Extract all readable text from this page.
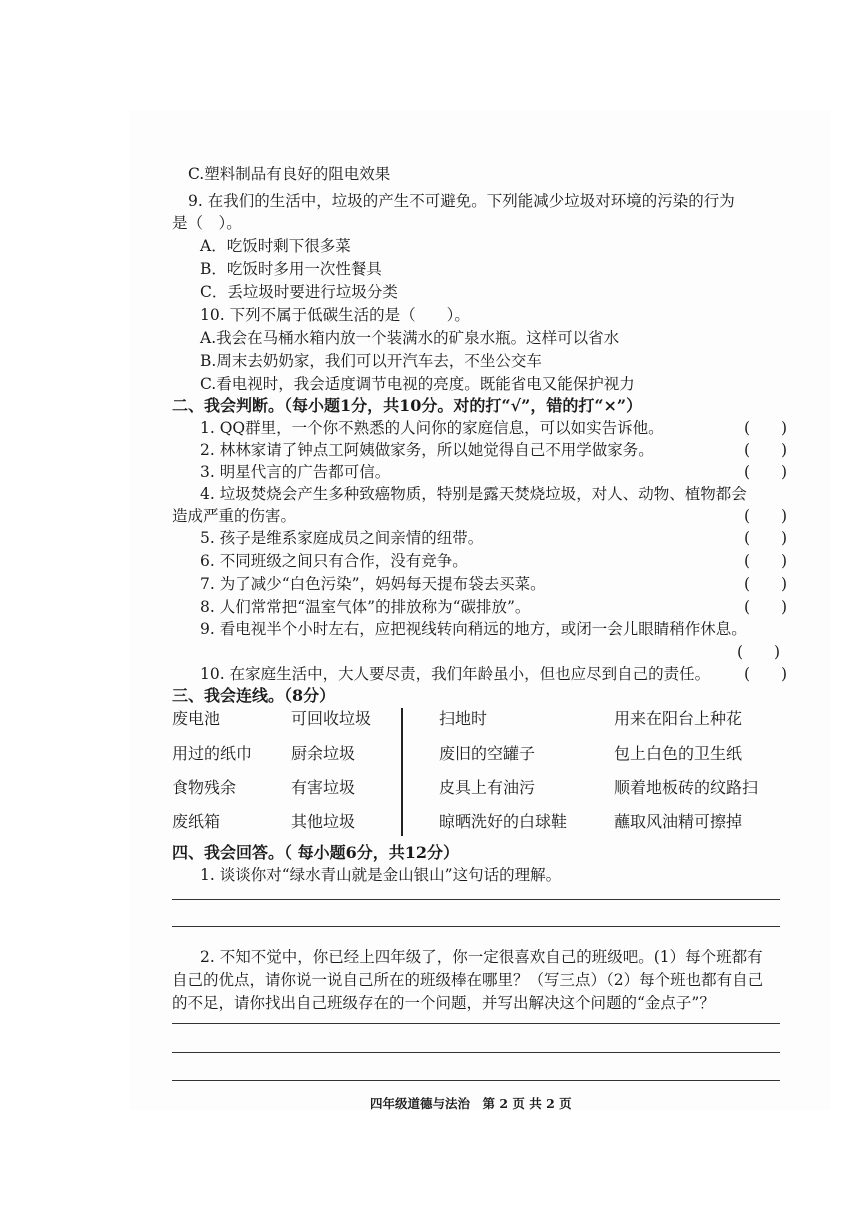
C.塑料制品有良好的阻电效果
9. 在我们的生活中，垃圾的产生不可避免。下列能减少垃圾对环境的污染的行为
是（　）。
A．吃饭时剩下很多菜
B．吃饭时多用一次性餐具
C．丢垃圾时要进行垃圾分类
10. 下列不属于低碳生活的是（　　）。
A.我会在马桶水箱内放一个装满水的矿泉水瓶。这样可以省水
B.周末去奶奶家，我们可以开汽车去，不坐公交车
C.看电视时，我会适度调节电视的亮度。既能省电又能保护视力
二、我会判断。（每小题1分，共10分。对的打“√”，错的打“×”）
1. QQ群里，一个你不熟悉的人问你的家庭信息，可以如实告诉他。
2. 林林家请了钟点工阿姨做家务，所以她觉得自己不用学做家务。
3. 明星代言的广告都可信。
4. 垃圾焚烧会产生多种致癌物质，特别是露天焚烧垃圾，对人、动物、植物都会
造成严重的伤害。
5. 孩子是维系家庭成员之间亲情的纽带。
6. 不同班级之间只有合作，没有竞争。
7. 为了减少“白色污染”，妈妈每天提布袋去买菜。
8. 人们常常把“温室气体”的排放称为“碳排放”。
9. 看电视半个小时左右，应把视线转向稍远的地方，或闭一会儿眼睛稍作休息。
10. 在家庭生活中，大人要尽责，我们年龄虽小，但也应尽到自己的责任。
(　　)
(　　)
(　　)
(　　)
(　　)
(　　)
(　　)
(　　)
(　　)
(　　)
三、我会连线。（8分）
废电池
用过的纸巾
食物残余
废纸箱
可回收垃圾
厨余垃圾
有害垃圾
其他垃圾
扫地时
废旧的空罐子
皮具上有油污
晾晒洗好的白球鞋
用来在阳台上种花
包上白色的卫生纸
顺着地板砖的纹路扫
蘸取风油精可擦掉
四、我会回答。（ 每小题6分，共12分）
1. 谈谈你对“绿水青山就是金山银山”这句话的理解。
2. 不知不觉中，你已经上四年级了，你一定很喜欢自己的班级吧。(1）每个班都有
自己的优点，请你说一说自己所在的班级棒在哪里？（写三点）（2）每个班也都有自己
的不足，请你找出自己班级存在的一个问题，并写出解决这个问题的“金点子”？
四年级道德与法治　第 2 页 共 2 页
